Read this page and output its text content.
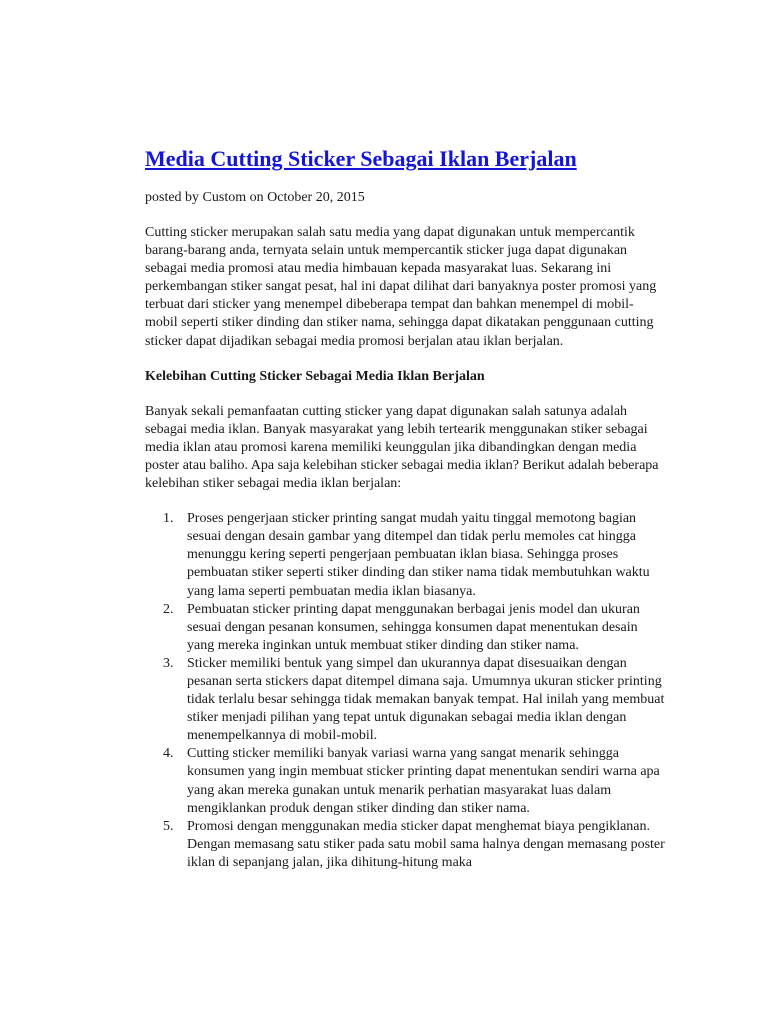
Media Cutting Sticker Sebagai Iklan Berjalan

posted by Custom on October 20, 2015

Cutting sticker merupakan salah satu media yang dapat digunakan untuk mempercantik barang-barang anda, ternyata selain untuk mempercantik sticker juga dapat digunakan sebagai media promosi atau media himbauan kepada masyarakat luas. Sekarang ini perkembangan stiker sangat pesat, hal ini dapat dilihat dari banyaknya poster promosi yang terbuat dari sticker yang menempel dibeberapa tempat dan bahkan menempel di mobil-mobil seperti stiker dinding dan stiker nama, sehingga dapat dikatakan penggunaan cutting sticker dapat dijadikan sebagai media promosi berjalan atau iklan berjalan.

Kelebihan Cutting Sticker Sebagai Media Iklan Berjalan

Banyak sekali pemanfaatan cutting sticker yang dapat digunakan salah satunya adalah sebagai media iklan. Banyak masyarakat yang lebih tertearik menggunakan stiker sebagai media iklan atau promosi karena memiliki keunggulan jika dibandingkan dengan media poster atau baliho. Apa saja kelebihan sticker sebagai media iklan? Berikut adalah beberapa kelebihan stiker sebagai media iklan berjalan:

1. Proses pengerjaan sticker printing sangat mudah yaitu tinggal memotong bagian sesuai dengan desain gambar yang ditempel dan tidak perlu memoles cat hingga menunggu kering seperti pengerjaan pembuatan iklan biasa. Sehingga proses pembuatan stiker seperti stiker dinding dan stiker nama tidak membutuhkan waktu yang lama seperti pembuatan media iklan biasanya.
2. Pembuatan sticker printing dapat menggunakan berbagai jenis model dan ukuran sesuai dengan pesanan konsumen, sehingga konsumen dapat menentukan desain yang mereka inginkan untuk membuat stiker dinding dan stiker nama.
3. Sticker memiliki bentuk yang simpel dan ukurannya dapat disesuaikan dengan pesanan serta stickers dapat ditempel dimana saja. Umumnya ukuran sticker printing tidak terlalu besar sehingga tidak memakan banyak tempat. Hal inilah yang membuat stiker menjadi pilihan yang tepat untuk digunakan sebagai media iklan dengan menempelkannya di mobil-mobil.
4. Cutting sticker memiliki banyak variasi warna yang sangat menarik sehingga konsumen yang ingin membuat sticker printing dapat menentukan sendiri warna apa yang akan mereka gunakan untuk menarik perhatian masyarakat luas dalam mengiklankan produk dengan stiker dinding dan stiker nama.
5. Promosi dengan menggunakan media sticker dapat menghemat biaya pengiklanan. Dengan memasang satu stiker pada satu mobil sama halnya dengan memasang poster iklan di sepanjang jalan, jika dihitung-hitung maka
